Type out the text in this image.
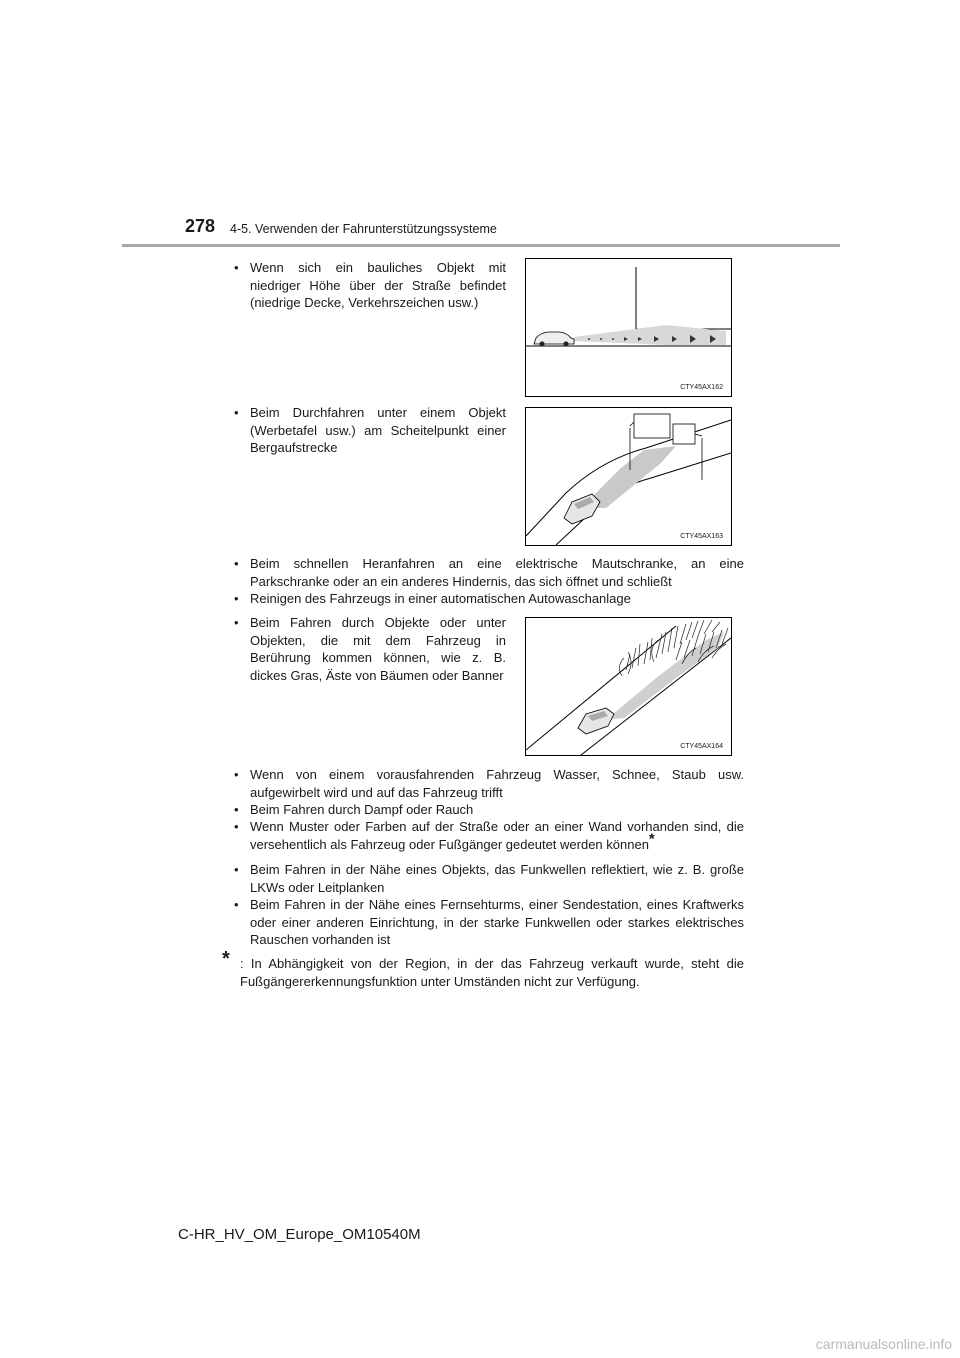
278 4-5. Verwenden der Fahrunterstützungssysteme
• Wenn sich ein bauliches Objekt mit niedriger Höhe über der Straße befindet (niedrige Decke, Verkehrszeichen usw.)
CTY45AX162
• Beim Durchfahren unter einem Objekt (Werbetafel usw.) am Scheitelpunkt einer Bergaufstrecke
CTY45AX163
• Beim schnellen Heranfahren an eine elektrische Mautschranke, an eine Parkschranke oder an ein anderes Hindernis, das sich öffnet und schließt
• Reinigen des Fahrzeugs in einer automatischen Autowaschanlage
• Beim Fahren durch Objekte oder unter Objekten, die mit dem Fahrzeug in Berührung kommen können, wie z. B. dickes Gras, Äste von Bäumen oder Banner
CTY45AX164
• Wenn von einem vorausfahrenden Fahrzeug Wasser, Schnee, Staub usw. aufgewirbelt wird und auf das Fahrzeug trifft
• Beim Fahren durch Dampf oder Rauch
• Wenn Muster oder Farben auf der Straße oder an einer Wand vorhanden sind, die versehentlich als Fahrzeug oder Fußgänger gedeutet werden können*
• Beim Fahren in der Nähe eines Objekts, das Funkwellen reflektiert, wie z. B. große LKWs oder Leitplanken
• Beim Fahren in der Nähe eines Fernsehturms, einer Sendestation, eines Kraftwerks oder einer anderen Einrichtung, in der starke Funkwellen oder starkes elektrisches Rauschen vorhanden ist
* : In Abhängigkeit von der Region, in der das Fahrzeug verkauft wurde, steht die Fußgängererkennungsfunktion unter Umständen nicht zur Verfügung.
C-HR_HV_OM_Europe_OM10540M
carmanualsonline.info
